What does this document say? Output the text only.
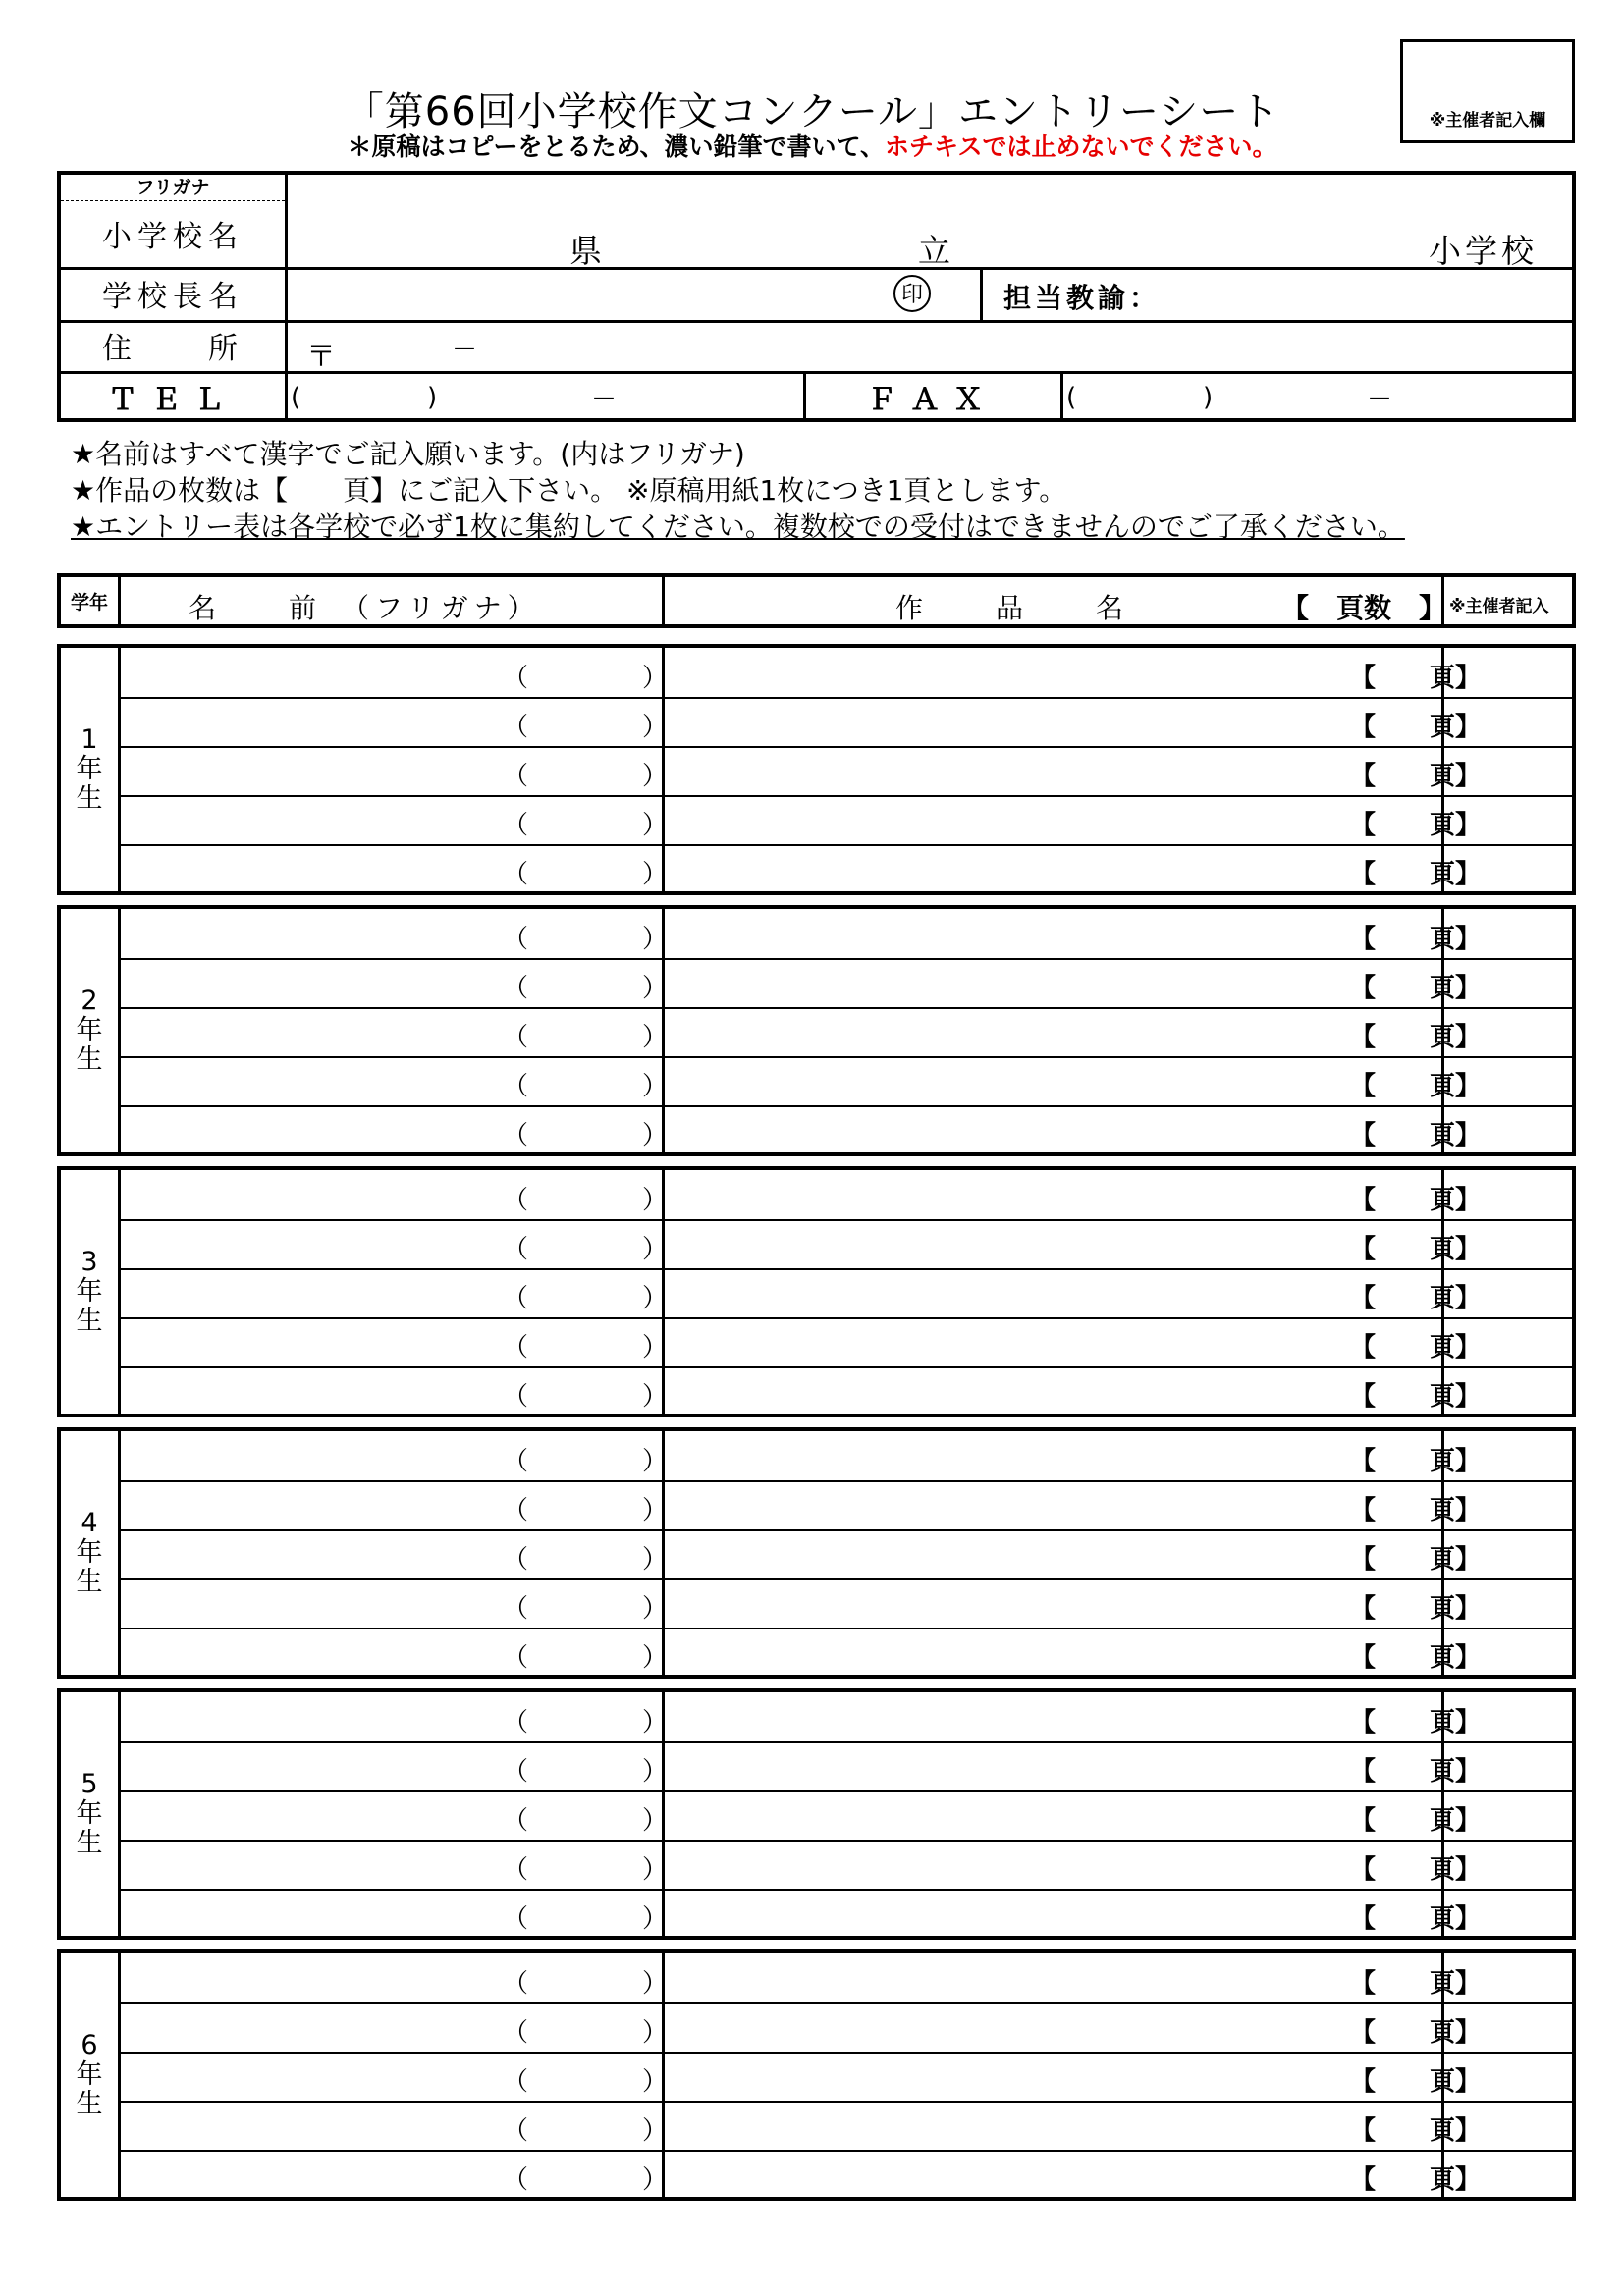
※主催者記入欄
「第66回小学校作文コンクール」エントリーシート
＊原稿はコピーをとるため、濃い鉛筆で書いて、ホチキスでは止めないでください。
フリガナ
小学校名	県	立	小学校
学校長名	印	担当教諭：
住　　所	〒	－
ＴＥＬ	(	)	－	ＦＡＸ	(	)	－
★名前はすべて漢字でご記入願います。(内はフリガナ)
★作品の枚数は【　　頁】にご記入下さい。 ※原稿用紙1枚につき1頁とします。
★エントリー表は各学校で必ず1枚に集約してください。複数校での受付はできませんのでご了承ください。
学年	名　　前　（フリガナ）	作　　品　　名	【　頁数　】 ※主催者記入
1
年
生
（	）	【 頁】
（	）	【 頁】
（	）	【 頁】
（	）	【 頁】
（	）	【 頁】
2
年
生
（	）	【 頁】
（	）	【 頁】
（	）	【 頁】
（	）	【 頁】
（	）	【 頁】
3
年
生
（	）	【 頁】
（	）	【 頁】
（	）	【 頁】
（	）	【 頁】
（	）	【 頁】
4
年
生
（	）	【 頁】
（	）	【 頁】
（	）	【 頁】
（	）	【 頁】
（	）	【 頁】
5
年
生
（	）	【 頁】
（	）	【 頁】
（	）	【 頁】
（	）	【 頁】
（	）	【 頁】
6
年
生
（	）	【 頁】
（	）	【 頁】
（	）	【 頁】
（	）	【 頁】
（	）	【 頁】
